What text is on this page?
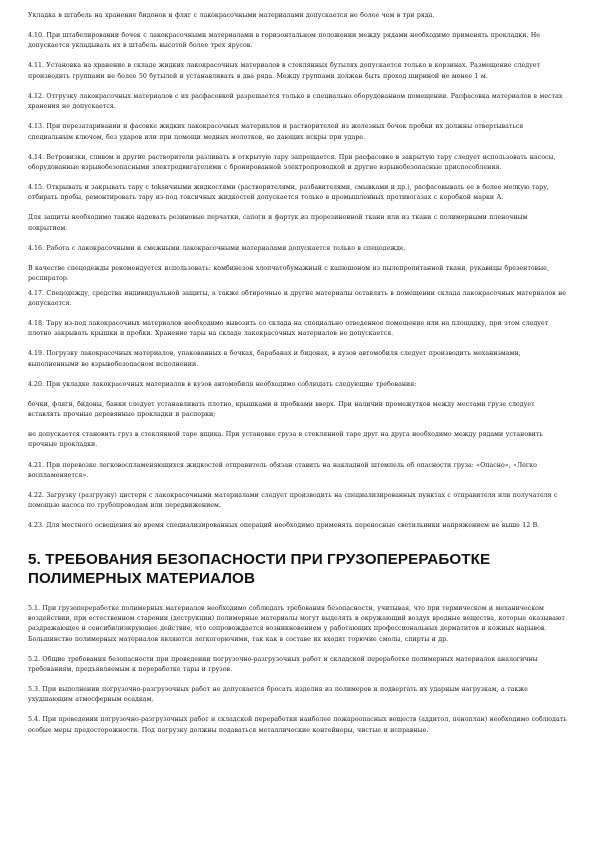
Укладка в штабель на хранение бидонов и фляг с лакокрасочными материалами допускается не более чем в три ряда.

4.10. При штабелировании бочек с лакокрасочными материалами в горизонтальном положении между рядами необходимо применять прокладки. Не допускается укладывать их в штабель высотой более трех ярусов.

4.11. Установка на хранение в складе жидких лакокрасочных материалов в стеклянных бутылях допускается только в корзинах. Размещение следует производить группами не более 50 бутылей и устанавливать в два ряда. Между группами должен быть проход шириной не менее 1 м.

4.12. Отгрузку лакокрасочных материалов с их расфасовкой разрешается только в специально оборудованном помещении. Расфасовка материалов в местах хранения не допускается.

4.13. При перезатаривании и фасовке жидких лакокрасочных материалов и растворителей из железных бочек пробки их должны отвертываться специальным ключом, без ударов или при помощи медных молотков, не дающих искры при ударе.

4.14. Ветровизки, сливом и другие растворители разливать в открытую тару запрещается. При расфасовке в закрытую тару следует использовать насосы, оборудованные взрывобезопасными электродвигателями с бронированной электропроводкой и другие взрывобезопасные приспособления.

4.15. Открывать и закрывать тару с toksичными жидкостями (растворителями, разбавителями, смывками и др.), расфасовывать ее в более мелкую тару, отбирать пробы, ремонтировать тару из-под токсичных жидкостей допускается только в промышленных противогазах с коробкой марки А.

Для защиты необходимо также надевать резиновые перчатки, сапоги и фартук из прорезиненной ткани или из ткани с полимерными пленочным покрытием.

4.16. Работа с лакокрасочными и смежными лакокрасочными материалами допускается только в спецодежде.

В качестве спецодежды рекомендуется использовать: комбинезон хлопчатобумажный с капюшоном из пылепропитанной ткани, рукавицы брезентовые, респиратор.

4.17. Спецодежду, средства индивидуальной защиты, а также обтирочные и другие материалы оставлять в помещении склада лакокрасочных материалов не допускается.

4.18. Тару из-под лакокрасочных материалов необходимо вывозить со склада на специально отведенное помещение или на площадку, при этом следует плотно закрывать крышки и пробки. Хранение тары на складе лакокрасочных материалов не допускается.

4.19. Погрузку лакокрасочных материалов, упакованных в бочках, барабанах и бидонах, в кузов автомобиля следует производить механизмами, выполненными во взрывобезопасном исполнении.

4.20. При укладке лакокрасочных материалов в кузов автомобиля необходимо соблюдать следующие требования:

бочки, фляги, бидоны, банки следует устанавливать плотно, крышками и пробками вверх. При наличии промежутков между местами грузе следует вставлять прочные деревянные прокладки и распорки;

не допускается становить груз в стеклянной таре ящика. При установке груза в стеклянной таре друг на друга необходимо между рядами установить прочные прокладки.

4.21. При перевозке легковоспламеняющихся жидкостей отправитель обязан ставить на накладной штемпель об опасности груза: «Опасно», «Легко воспламеняется».

4.22. Загрузку (разгрузку) цистерн с лакокрасочными материалами следует производить на специализированных пунктах с отправителя или получателя с помощью насоса по трубопроводам или передвижением.

4.23. Для местного освещения во время специализированных операций необходимо применять переносные светильники напряжением не выше 12 В.

5. ТРЕБОВАНИЯ БЕЗОПАСНОСТИ ПРИ ГРУЗОПЕРЕРАБОТКЕ ПОЛИМЕРНЫХ МАТЕРИАЛОВ

5.1. При грузопереработке полимерных материалов необходимо соблюдать требования безопасности, учитывая, что при термическом и механическом воздействии, при естественном старении (деструкции) полимерные материалы могут выделять в окружающий воздух вредные вещества, которые оказывают раздражающее и сенсибилизирующее действие, что сопровождается возникновением у работающих профессиональных дерматитов и кожных нарывов. Большинство полимерных материалов являются легкогорючими, так как в составе их входят горючие смолы, спирты и др.

5.2. Общие требования безопасности при проведении погрузочно-разгрузочных работ и складской переработке полимерных материалов аналогичны требованиям, предъявляемым к переработке тары и грузов.

5.3. При выполнении погрузочно-разгрузочных работ не допускается бросать изделия из полимеров и подвергать их ударным нагрузкам, а также ухудшающим атмосферным осадкам.

5.4. При проведении погрузочно-разгрузочных работ и складской переработки наиболее пожароопасных веществ (аддитол, пеноплан) необходимо соблюдать особые меры предосторожности. Под погрузку должны подаваться металлические контейнеры, чистые и исправные.
